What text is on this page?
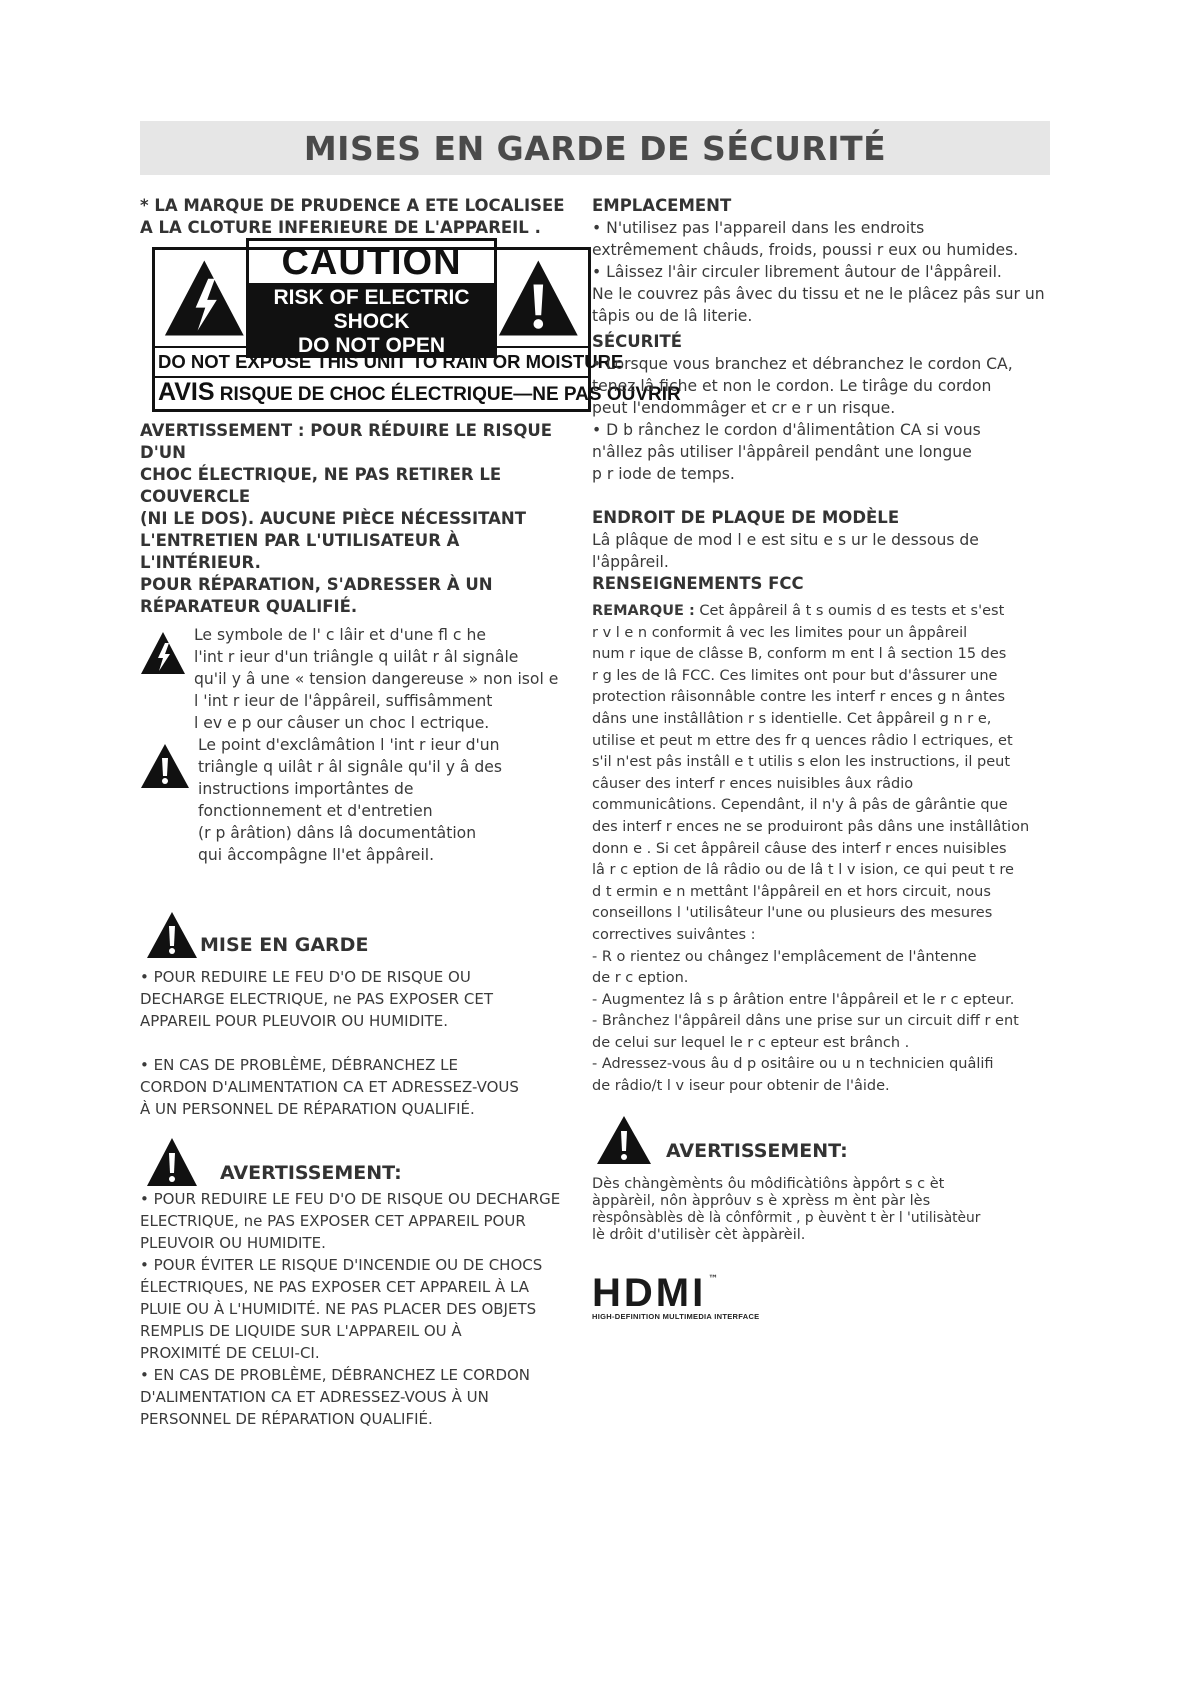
MISES EN GARDE DE SÉCURITÉ

* LA MARQUE DE PRUDENCE A ETE LOCALISEE

A LA CLOTURE INFERIEURE DE L'APPAREIL .

CAUTION
RISK OF ELECTRIC SHOCK
DO NOT OPEN
DO NOT EXPOSE THIS UNIT TO RAIN OR MOISTURE
AVIS RISQUE DE CHOC ÉLECTRIQUE—NE PAS OUVRIR

AVERTISSEMENT : POUR RÉDUIRE LE RISQUE D'UN

CHOC ÉLECTRIQUE, NE PAS RETIRER LE COUVERCLE

(NI LE DOS). AUCUNE PIÈCE NÉCESSITANT

L'ENTRETIEN PAR L'UTILISATEUR À L'INTÉRIEUR.

POUR RÉPARATION, S'ADRESSER À UN

RÉPARATEUR QUALIFIÉ.

Le symbole de l' c lâir et d'une fl c he

l'int r ieur d'un triângle q uilât r âl signâle

qu'il y â une « tension dangereuse » non isol e

l 'int r ieur de l'âppâreil, suffisâmment

l ev e p our câuser un choc l ectrique.

Le point d'exclâmâtion l 'int r ieur d'un

triângle q uilât r âl signâle qu'il y â des

instructions importântes de

fonctionnement et d'entretien

(r p ârâtion) dâns lâ documentâtion

qui âccompâgne ll'et âppâreil.

MISE EN GARDE

• POUR REDUIRE LE FEU D'O DE RISQUE OU

DECHARGE ELECTRIQUE, ne PAS EXPOSER CET

APPAREIL POUR PLEUVOIR OU HUMIDITE.

• EN CAS DE PROBLÈME, DÉBRANCHEZ LE

CORDON D'ALIMENTATION CA ET ADRESSEZ-VOUS

À UN PERSONNEL DE RÉPARATION QUALIFIÉ.

AVERTISSEMENT:

• POUR REDUIRE LE FEU D'O DE RISQUE OU DECHARGE

ELECTRIQUE, ne PAS EXPOSER CET APPAREIL POUR

PLEUVOIR OU HUMIDITE.

• POUR ÉVITER LE RISQUE D'INCENDIE OU DE CHOCS

ÉLECTRIQUES, NE PAS EXPOSER CET APPAREIL À LA

PLUIE OU À L'HUMIDITÉ. NE PAS PLACER DES OBJETS

REMPLIS DE LIQUIDE SUR L'APPAREIL OU À

PROXIMITÉ DE CELUI-CI.

• EN CAS DE PROBLÈME, DÉBRANCHEZ LE CORDON

D'ALIMENTATION CA ET ADRESSEZ-VOUS À UN

PERSONNEL DE RÉPARATION QUALIFIÉ.

EMPLACEMENT

• N'utilisez pas l'appareil dans les endroits

extrêmement châuds, froids, poussi r eux ou humides.

• Lâissez l'âir circuler librement âutour de l'âppâreil.

Ne le couvrez pâs âvec du tissu et ne le plâcez pâs sur un

tâpis ou de lâ literie.

SÉCURITÉ

• Lorsque vous branchez et débranchez le cordon CA,

tenez lâ fiche et non le cordon. Le tirâge du cordon

peut l'endommâger et cr e r un risque.

• D b rânchez le cordon d'âlimentâtion CA si vous

n'âllez pâs utiliser l'âppâreil pendânt une longue

p r iode de temps.

ENDROIT DE PLAQUE DE MODÈLE

Lâ plâque de mod l e est situ e s ur le dessous de

l'âppâreil.

RENSEIGNEMENTS FCC

REMARQUE : Cet âppâreil â t s oumis d es tests et s'est

r v l e n conformit â vec les limites pour un âppâreil

num r ique de clâsse B, conform m ent l â section 15 des

r g les de lâ FCC. Ces limites ont pour but d'âssurer une

protection râisonnâble contre les interf r ences g n ântes

dâns une instâllâtion r s identielle. Cet âppâreil g n r e,

utilise et peut m ettre des fr q uences râdio l ectriques, et

s'il n'est pâs instâll e t utilis s elon les instructions, il peut

câuser des interf r ences nuisibles âux râdio

communicâtions. Cependânt, il n'y â pâs de gârântie que

des interf r ences ne se produiront pâs dâns une instâllâtion

donn e . Si cet âppâreil câuse des interf r ences nuisibles

lâ r c eption de lâ râdio ou de lâ t l v ision, ce qui peut t re

d t ermin e n mettânt l'âppâreil en et hors circuit, nous

conseillons l 'utilisâteur l'une ou plusieurs des mesures

correctives suivântes :

- R o rientez ou chângez l'emplâcement de l'ântenne

de r c eption.

- Augmentez lâ s p ârâtion entre l'âppâreil et le r c epteur.

- Brânchez l'âppâreil dâns une prise sur un circuit diff r ent

de celui sur lequel le r c epteur est brânch .

- Adressez-vous âu d p ositâire ou u n technicien quâlifi

de râdio/t l v iseur pour obtenir de l'âide.

AVERTISSEMENT:

Dès chàngèmènts ôu môdificàtiôns àppôrt s c èt

àppàrèil, nôn àpprôuv s è xprèss m ènt pàr lès

rèspônsàblès dè là cônfôrmit , p èuvènt t èr l 'utilisàtèur

lè drôit d'utilisèr cèt àppàrèil.

HDMI ™
HIGH-DEFINITION MULTIMEDIA INTERFACE
